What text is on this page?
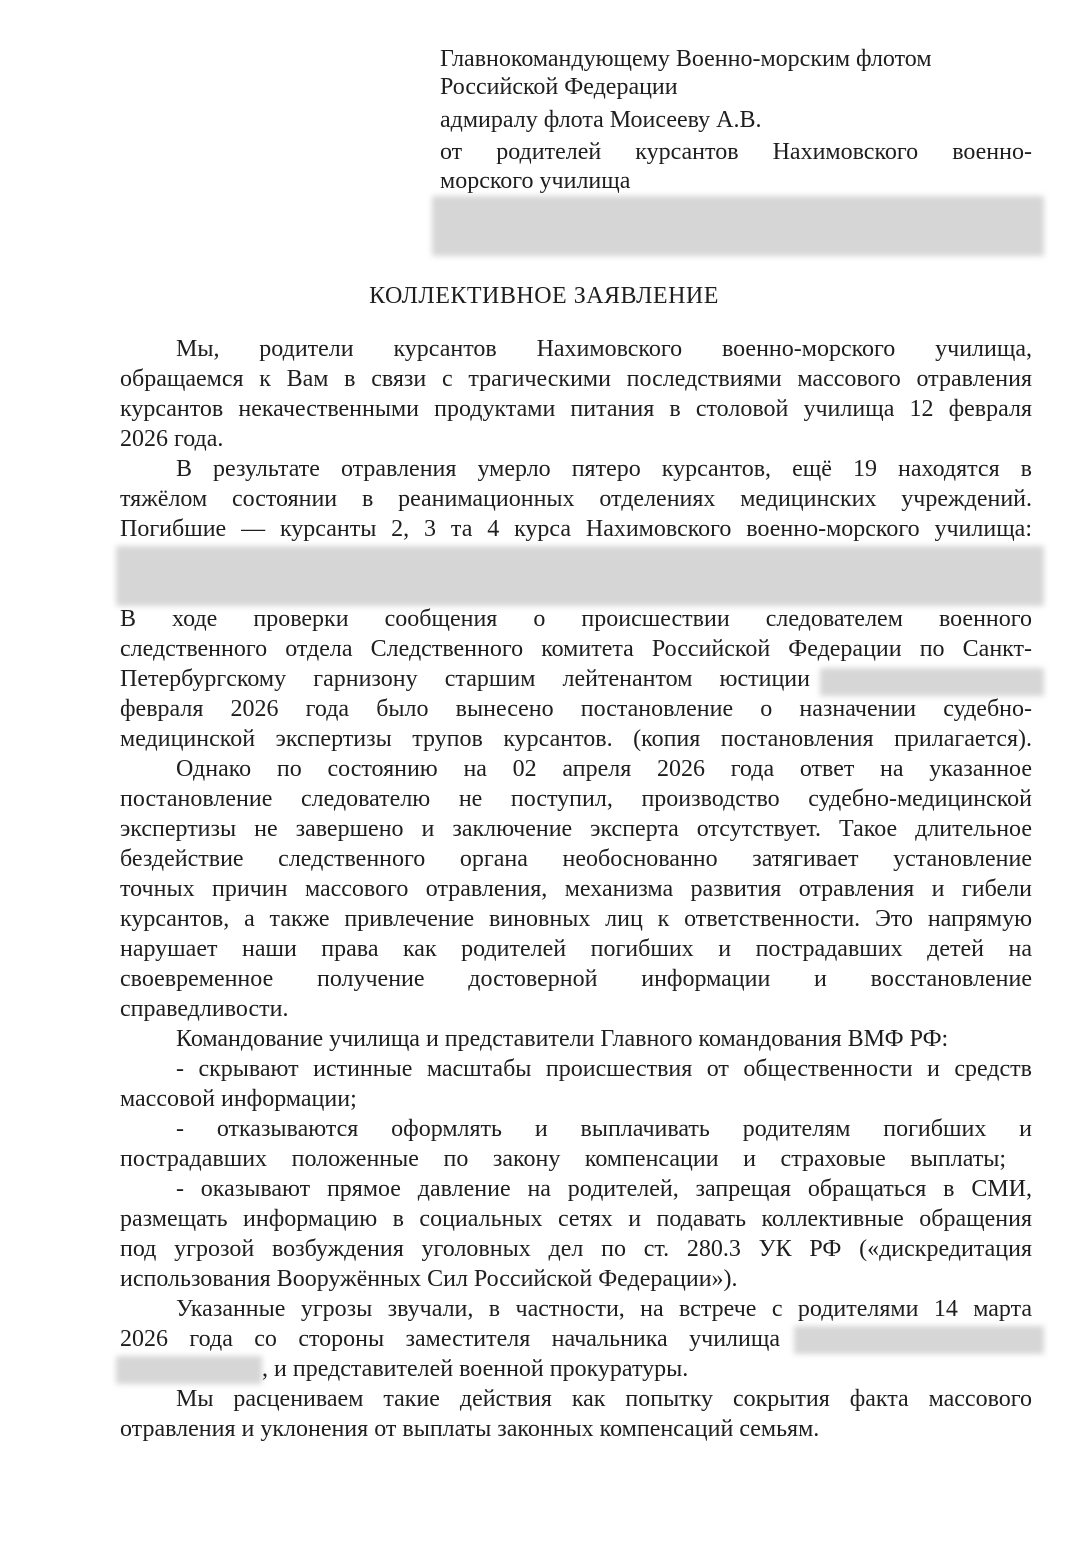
Главнокомандующему Военно-морским флотом
Российской Федерации
адмиралу флота Моисееву А.В.
от родителей курсантов Нахимовского военно-
морского училища
КОЛЛЕКТИВНОЕ ЗАЯВЛЕНИЕ
Мы, родители курсантов Нахимовского военно-морского училища,
обращаемся к Вам в связи с трагическими последствиями массового отравления
курсантов некачественными продуктами питания в столовой училища 12 февраля
2026 года.
В результате отравления умерло пятеро курсантов, ещё 19 находятся в
тяжёлом состоянии в реанимационных отделениях медицинских учреждений.
Погибшие — курсанты 2, 3 та 4 курса Нахимовского военно-морского училища:
В ходе проверки сообщения о происшествии следователем военного
следственного отдела Следственного комитета Российской Федерации по Санкт-
Петербургскому гарнизону старшим лейтенантом юстиции
февраля 2026 года было вынесено постановление о назначении судебно-
медицинской экспертизы трупов курсантов. (копия постановления прилагается).
Однако по состоянию на 02 апреля 2026 года ответ на указанное
постановление следователю не поступил, производство судебно-медицинской
экспертизы не завершено и заключение эксперта отсутствует. Такое длительное
бездействие следственного органа необоснованно затягивает установление
точных причин массового отравления, механизма развития отравления и гибели
курсантов, а также привлечение виновных лиц к ответственности. Это напрямую
нарушает наши права как родителей погибших и пострадавших детей на
своевременное получение достоверной информации и восстановление
справедливости.
Командование училища и представители Главного командования ВМФ РФ:
- скрывают истинные масштабы происшествия от общественности и средств
массовой информации;
- отказываются оформлять и выплачивать родителям погибших и
пострадавших положенные по закону компенсации и страховые выплаты;
- оказывают прямое давление на родителей, запрещая обращаться в СМИ,
размещать информацию в социальных сетях и подавать коллективные обращения
под угрозой возбуждения уголовных дел по ст. 280.3 УК РФ («дискредитация
использования Вооружённых Сил Российской Федерации»).
Указанные угрозы звучали, в частности, на встрече с родителями 14 марта
2026 года со стороны заместителя начальника училища
, и представителей военной прокуратуры.
Мы расцениваем такие действия как попытку сокрытия факта массового
отравления и уклонения от выплаты законных компенсаций семьям.
